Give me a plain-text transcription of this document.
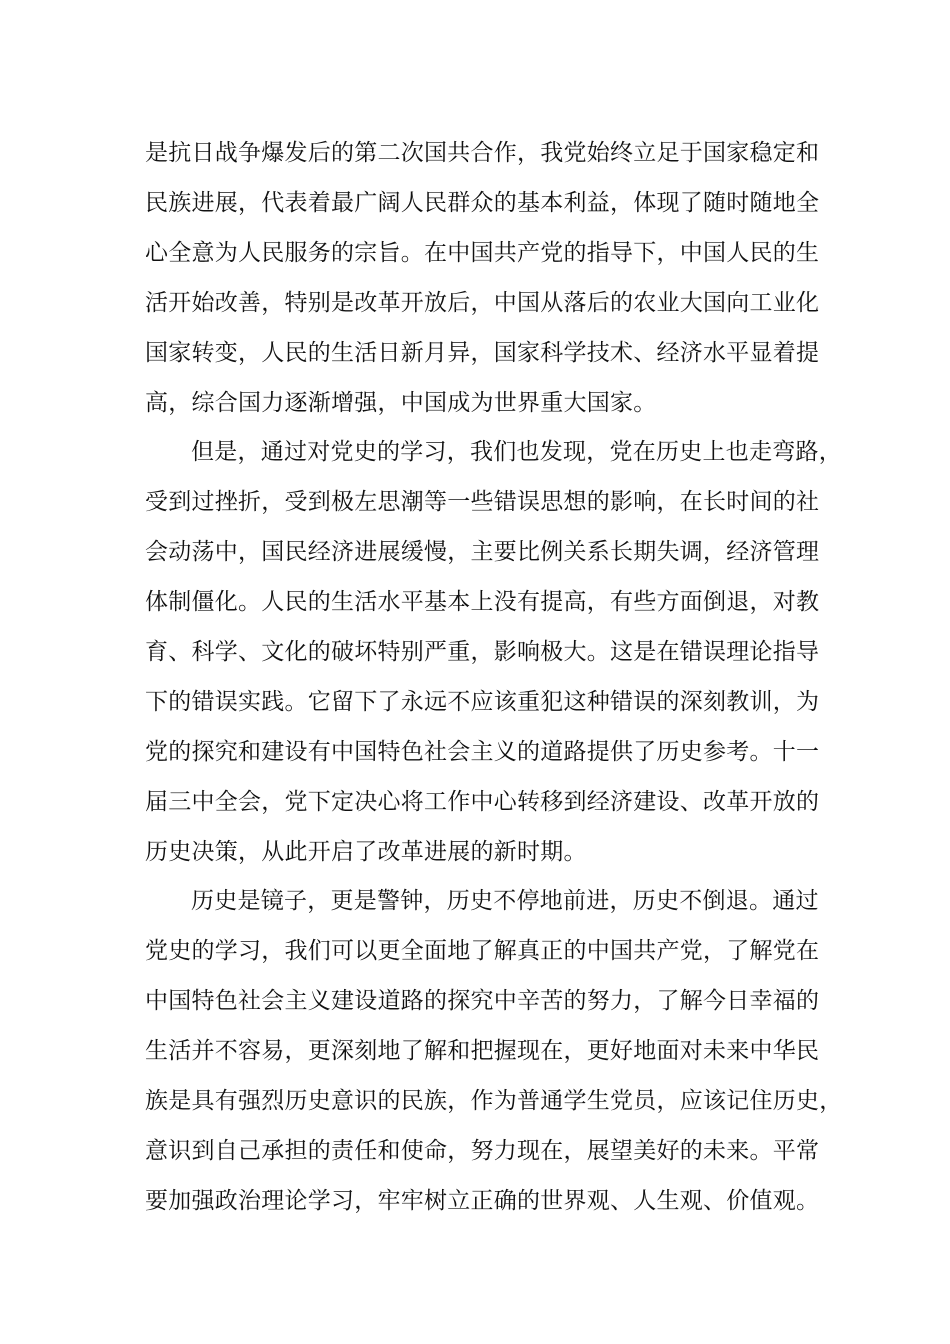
是抗日战争爆发后的第二次国共合作，我党始终立足于国家稳定和
民族进展，代表着最广阔人民群众的基本利益，体现了随时随地全
心全意为人民服务的宗旨。在中国共产党的指导下，中国人民的生
活开始改善，特别是改革开放后，中国从落后的农业大国向工业化
国家转变，人民的生活日新月异，国家科学技术、经济水平显着提
高，综合国力逐渐增强，中国成为世界重大国家。
但是，通过对党史的学习，我们也发现，党在历史上也走弯路，
受到过挫折，受到极左思潮等一些错误思想的影响，在长时间的社
会动荡中，国民经济进展缓慢，主要比例关系长期失调，经济管理
体制僵化。人民的生活水平基本上没有提高，有些方面倒退，对教
育、科学、文化的破坏特别严重，影响极大。这是在错误理论指导
下的错误实践。它留下了永远不应该重犯这种错误的深刻教训，为
党的探究和建设有中国特色社会主义的道路提供了历史参考。十一
届三中全会，党下定决心将工作中心转移到经济建设、改革开放的
历史决策，从此开启了改革进展的新时期。
历史是镜子，更是警钟，历史不停地前进，历史不倒退。通过
党史的学习，我们可以更全面地了解真正的中国共产党，了解党在
中国特色社会主义建设道路的探究中辛苦的努力，了解今日幸福的
生活并不容易，更深刻地了解和把握现在，更好地面对未来中华民
族是具有强烈历史意识的民族，作为普通学生党员，应该记住历史，
意识到自己承担的责任和使命，努力现在，展望美好的未来。平常
要加强政治理论学习，牢牢树立正确的世界观、人生观、价值观。
